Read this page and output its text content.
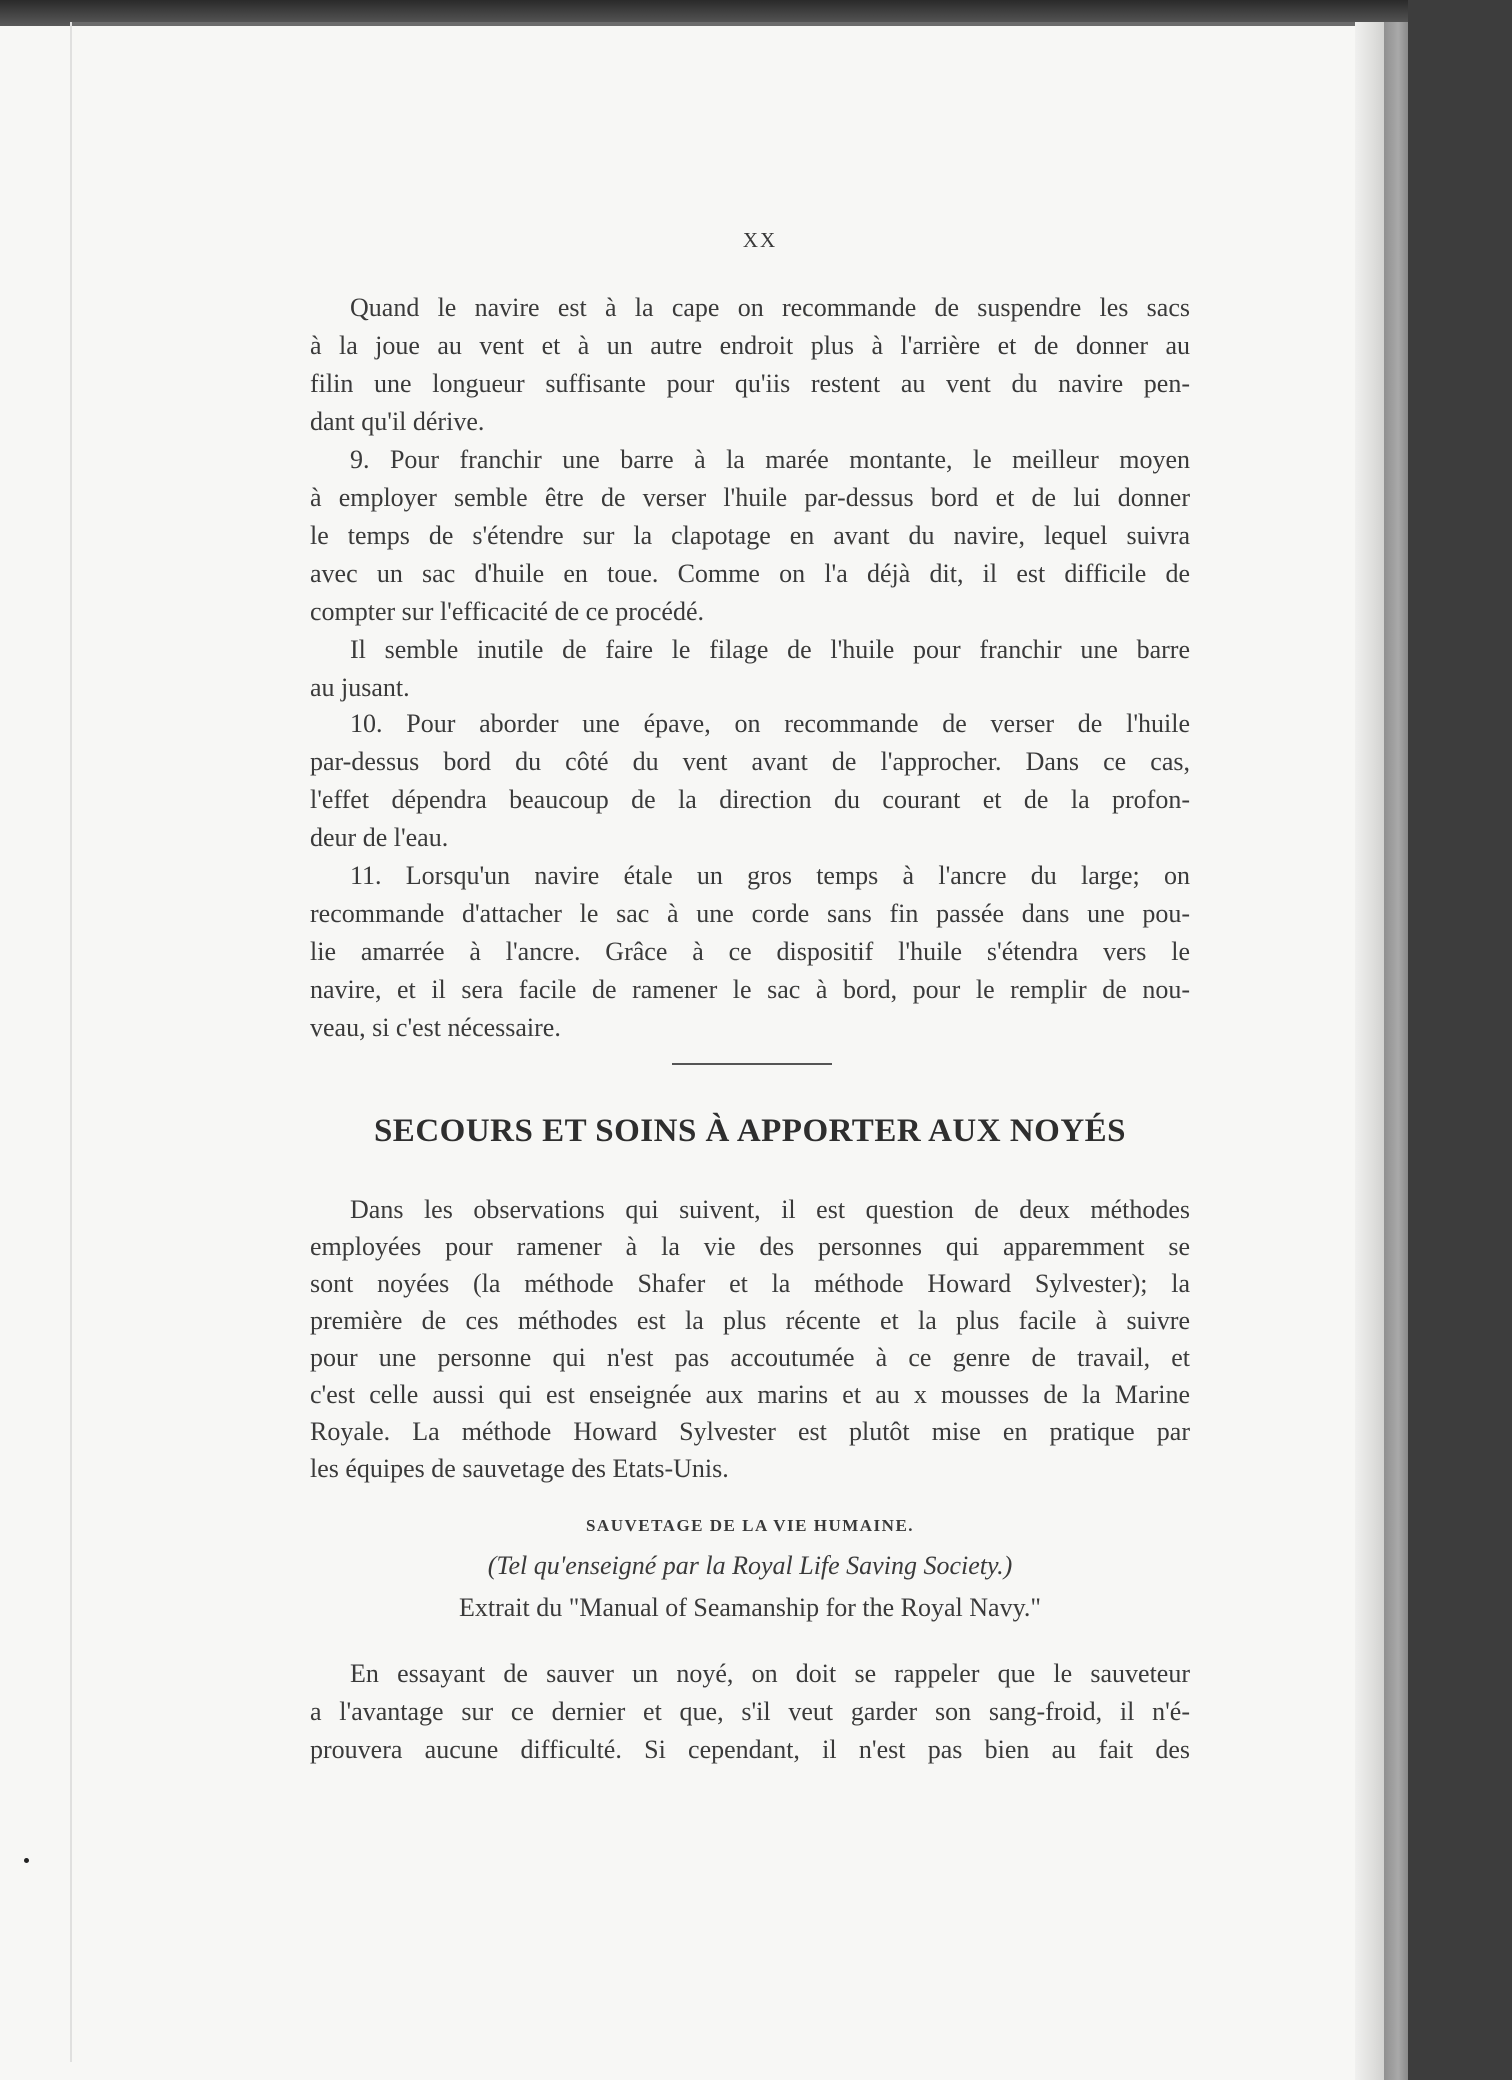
XX
Quand le navire est à la cape on recommande de suspendre les sacs
à la joue au vent et à un autre endroit plus à l'arrière et de donner au
filin une longueur suffisante pour qu'iis restent au vent du navire pen-
dant qu'il dérive.
9. Pour franchir une barre à la marée montante, le meilleur moyen
à employer semble être de verser l'huile par-dessus bord et de lui donner
le temps de s'étendre sur la clapotage en avant du navire, lequel suivra
avec un sac d'huile en toue. Comme on l'a déjà dit, il est difficile de
compter sur l'efficacité de ce procédé.
Il semble inutile de faire le filage de l'huile pour franchir une barre
au jusant.
10. Pour aborder une épave, on recommande de verser de l'huile
par-dessus bord du côté du vent avant de l'approcher. Dans ce cas,
l'effet dépendra beaucoup de la direction du courant et de la profon-
deur de l'eau.
11. Lorsqu'un navire étale un gros temps à l'ancre du large; on
recommande d'attacher le sac à une corde sans fin passée dans une pou-
lie amarrée à l'ancre. Grâce à ce dispositif l'huile s'étendra vers le
navire, et il sera facile de ramener le sac à bord, pour le remplir de nou-
veau, si c'est nécessaire.
SECOURS ET SOINS À APPORTER AUX NOYÉS
Dans les observations qui suivent, il est question de deux méthodes
employées pour ramener à la vie des personnes qui apparemment se
sont noyées (la méthode Shafer et la méthode Howard Sylvester); la
première de ces méthodes est la plus récente et la plus facile à suivre
pour une personne qui n'est pas accoutumée à ce genre de travail, et
c'est celle aussi qui est enseignée aux marins et au x mousses de la Marine
Royale. La méthode Howard Sylvester est plutôt mise en pratique par
les équipes de sauvetage des Etats-Unis.
SAUVETAGE DE LA VIE HUMAINE.
(Tel qu'enseigné par la Royal Life Saving Society.)
Extrait du "Manual of Seamanship for the Royal Navy."
En essayant de sauver un noyé, on doit se rappeler que le sauveteur
a l'avantage sur ce dernier et que, s'il veut garder son sang-froid, il n'é-
prouvera aucune difficulté. Si cependant, il n'est pas bien au fait des
